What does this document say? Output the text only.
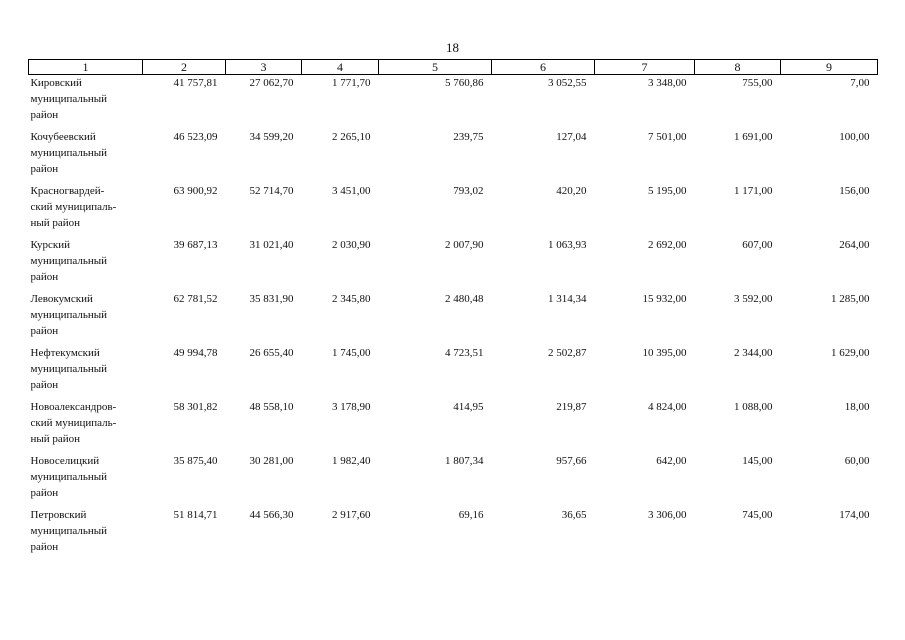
18
1	2	3	4	5	6	7	8	9
Кировский
муниципальный
район	41 757,81	27 062,70	1 771,70	5 760,86	3 052,55	3 348,00	755,00	7,00
Кочубеевский
муниципальный
район	46 523,09	34 599,20	2 265,10	239,75	127,04	7 501,00	1 691,00	100,00
Красногвардей-
ский муниципаль-
ный район	63 900,92	52 714,70	3 451,00	793,02	420,20	5 195,00	1 171,00	156,00
Курский
муниципальный
район	39 687,13	31 021,40	2 030,90	2 007,90	1 063,93	2 692,00	607,00	264,00
Левокумский
муниципальный
район	62 781,52	35 831,90	2 345,80	2 480,48	1 314,34	15 932,00	3 592,00	1 285,00
Нефтекумский
муниципальный
район	49 994,78	26 655,40	1 745,00	4 723,51	2 502,87	10 395,00	2 344,00	1 629,00
Новоалександров-
ский муниципаль-
ный район	58 301,82	48 558,10	3 178,90	414,95	219,87	4 824,00	1 088,00	18,00
Новоселицкий
муниципальный
район	35 875,40	30 281,00	1 982,40	1 807,34	957,66	642,00	145,00	60,00
Петровский
муниципальный
район	51 814,71	44 566,30	2 917,60	69,16	36,65	3 306,00	745,00	174,00
